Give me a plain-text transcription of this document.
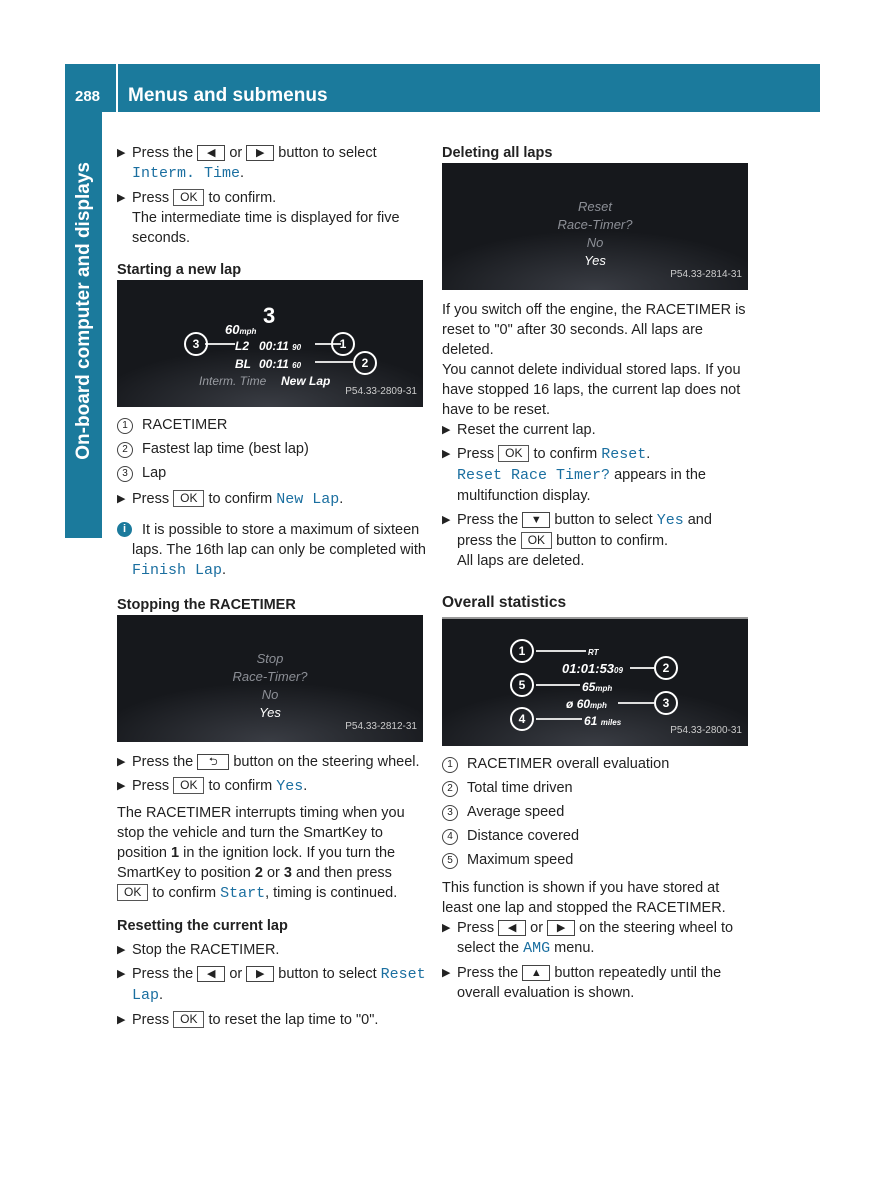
288 Menus and submenus
On-board computer and displays
▶ Press the ◀ or ▶ button to select Interm. Time.
▶ Press OK to confirm.
The intermediate time is displayed for five seconds.

Starting a new lap

60mph
3
L2 00:11 90
BL 00:11 60
Interm. Time New Lap
3	1
2
P54.33-2809-31
1 RACETIMER
2 Fastest lap time (best lap)
3 Lap
▶ Press OK to confirm New Lap.
i	It is possible to store a maximum of sixteen laps. The 16th lap can only be completed with Finish Lap.

Stopping the RACETIMER

Stop
Race-Timer?
No
Yes
P54.33-2812-31
▶ Press the ⮌ button on the steering wheel.
▶ Press OK to confirm Yes.

The RACETIMER interrupts timing when you stop the vehicle and turn the SmartKey to position 1 in the ignition lock. If you turn the SmartKey to position 2 or 3 and then press OK to confirm Start, timing is continued.

Resetting the current lap

▶ Stop the RACETIMER.
▶ Press the ◀ or ▶ button to select Reset Lap.
▶ Press OK to reset the lap time to "0".

Deleting all laps

Reset
Race-Timer?
No
Yes
P54.33-2814-31

If you switch off the engine, the RACETIMER is reset to "0" after 30 seconds. All laps are deleted.

You cannot delete individual stored laps. If you have stopped 16 laps, the current lap does not have to be reset.

▶ Reset the current lap.
▶ Press OK to confirm Reset.
Reset Race Timer? appears in the multifunction display.
▶ Press the ▼ button to select Yes and press the OK button to confirm.
All laps are deleted.

Overall statistics

1	RT
01:01:5309	2
5	65mph
ø 60mph	3
4	61 miles
P54.33-2800-31
1 RACETIMER overall evaluation
2 Total time driven
3 Average speed
4 Distance covered
5 Maximum speed

This function is shown if you have stored at least one lap and stopped the RACETIMER.

▶ Press ◀ or ▶ on the steering wheel to select the AMG menu.
▶ Press the ▲ button repeatedly until the overall evaluation is shown.
